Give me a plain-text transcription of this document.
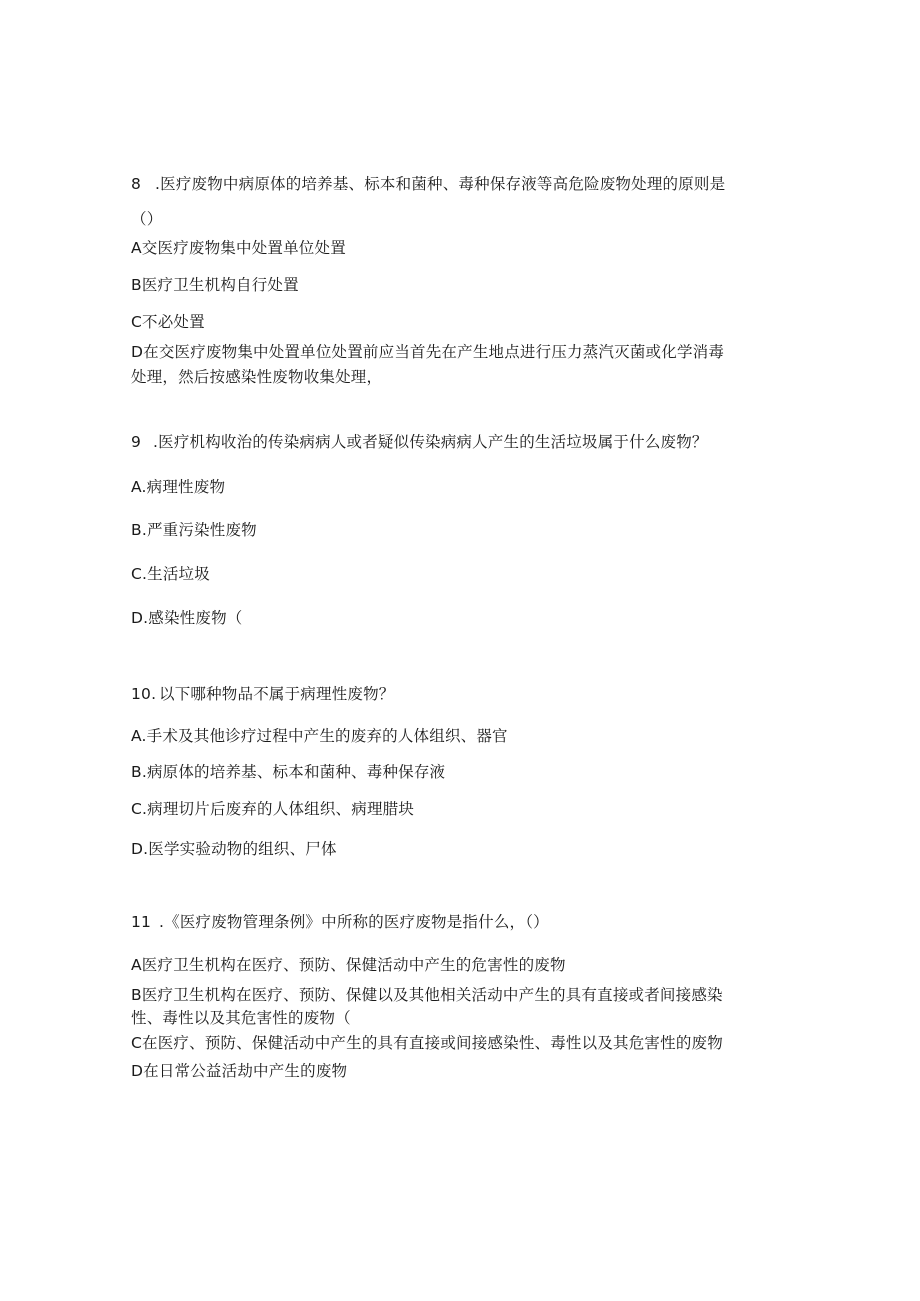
8 .医疗废物中病原体的培养基、标本和菌种、毒种保存液等高危险废物处理的原则是
（）
A交医疗废物集中处置单位处置
B医疗卫生机构自行处置
C不必处置
D在交医疗废物集中处置单位处置前应当首先在产生地点进行压力蒸汽灭菌或化学消毒
处理，然后按感染性废物收集处理，
9 .医疗机构收治的传染病病人或者疑似传染病病人产生的生活垃圾属于什么废物？
A.病理性废物
B.严重污染性废物
C.生活垃圾
D.感染性废物（
10. 以下哪种物品不属于病理性废物？
A.手术及其他诊疗过程中产生的废弃的人体组织、器官
B.病原体的培养基、标本和菌种、毒种保存液
C.病理切片后废弃的人体组织、病理腊块
D.医学实验动物的组织、尸体
11 .《医疗废物管理条例》中所称的医疗废物是指什么，（）
A医疗卫生机构在医疗、预防、保健活动中产生的危害性的废物
B医疗卫生机构在医疗、预防、保健以及其他相关活动中产生的具有直接或者间接感染
性、毒性以及其危害性的废物（
C在医疗、预防、保健活动中产生的具有直接或间接感染性、毒性以及其危害性的废物
D在日常公益活劫中产生的废物
